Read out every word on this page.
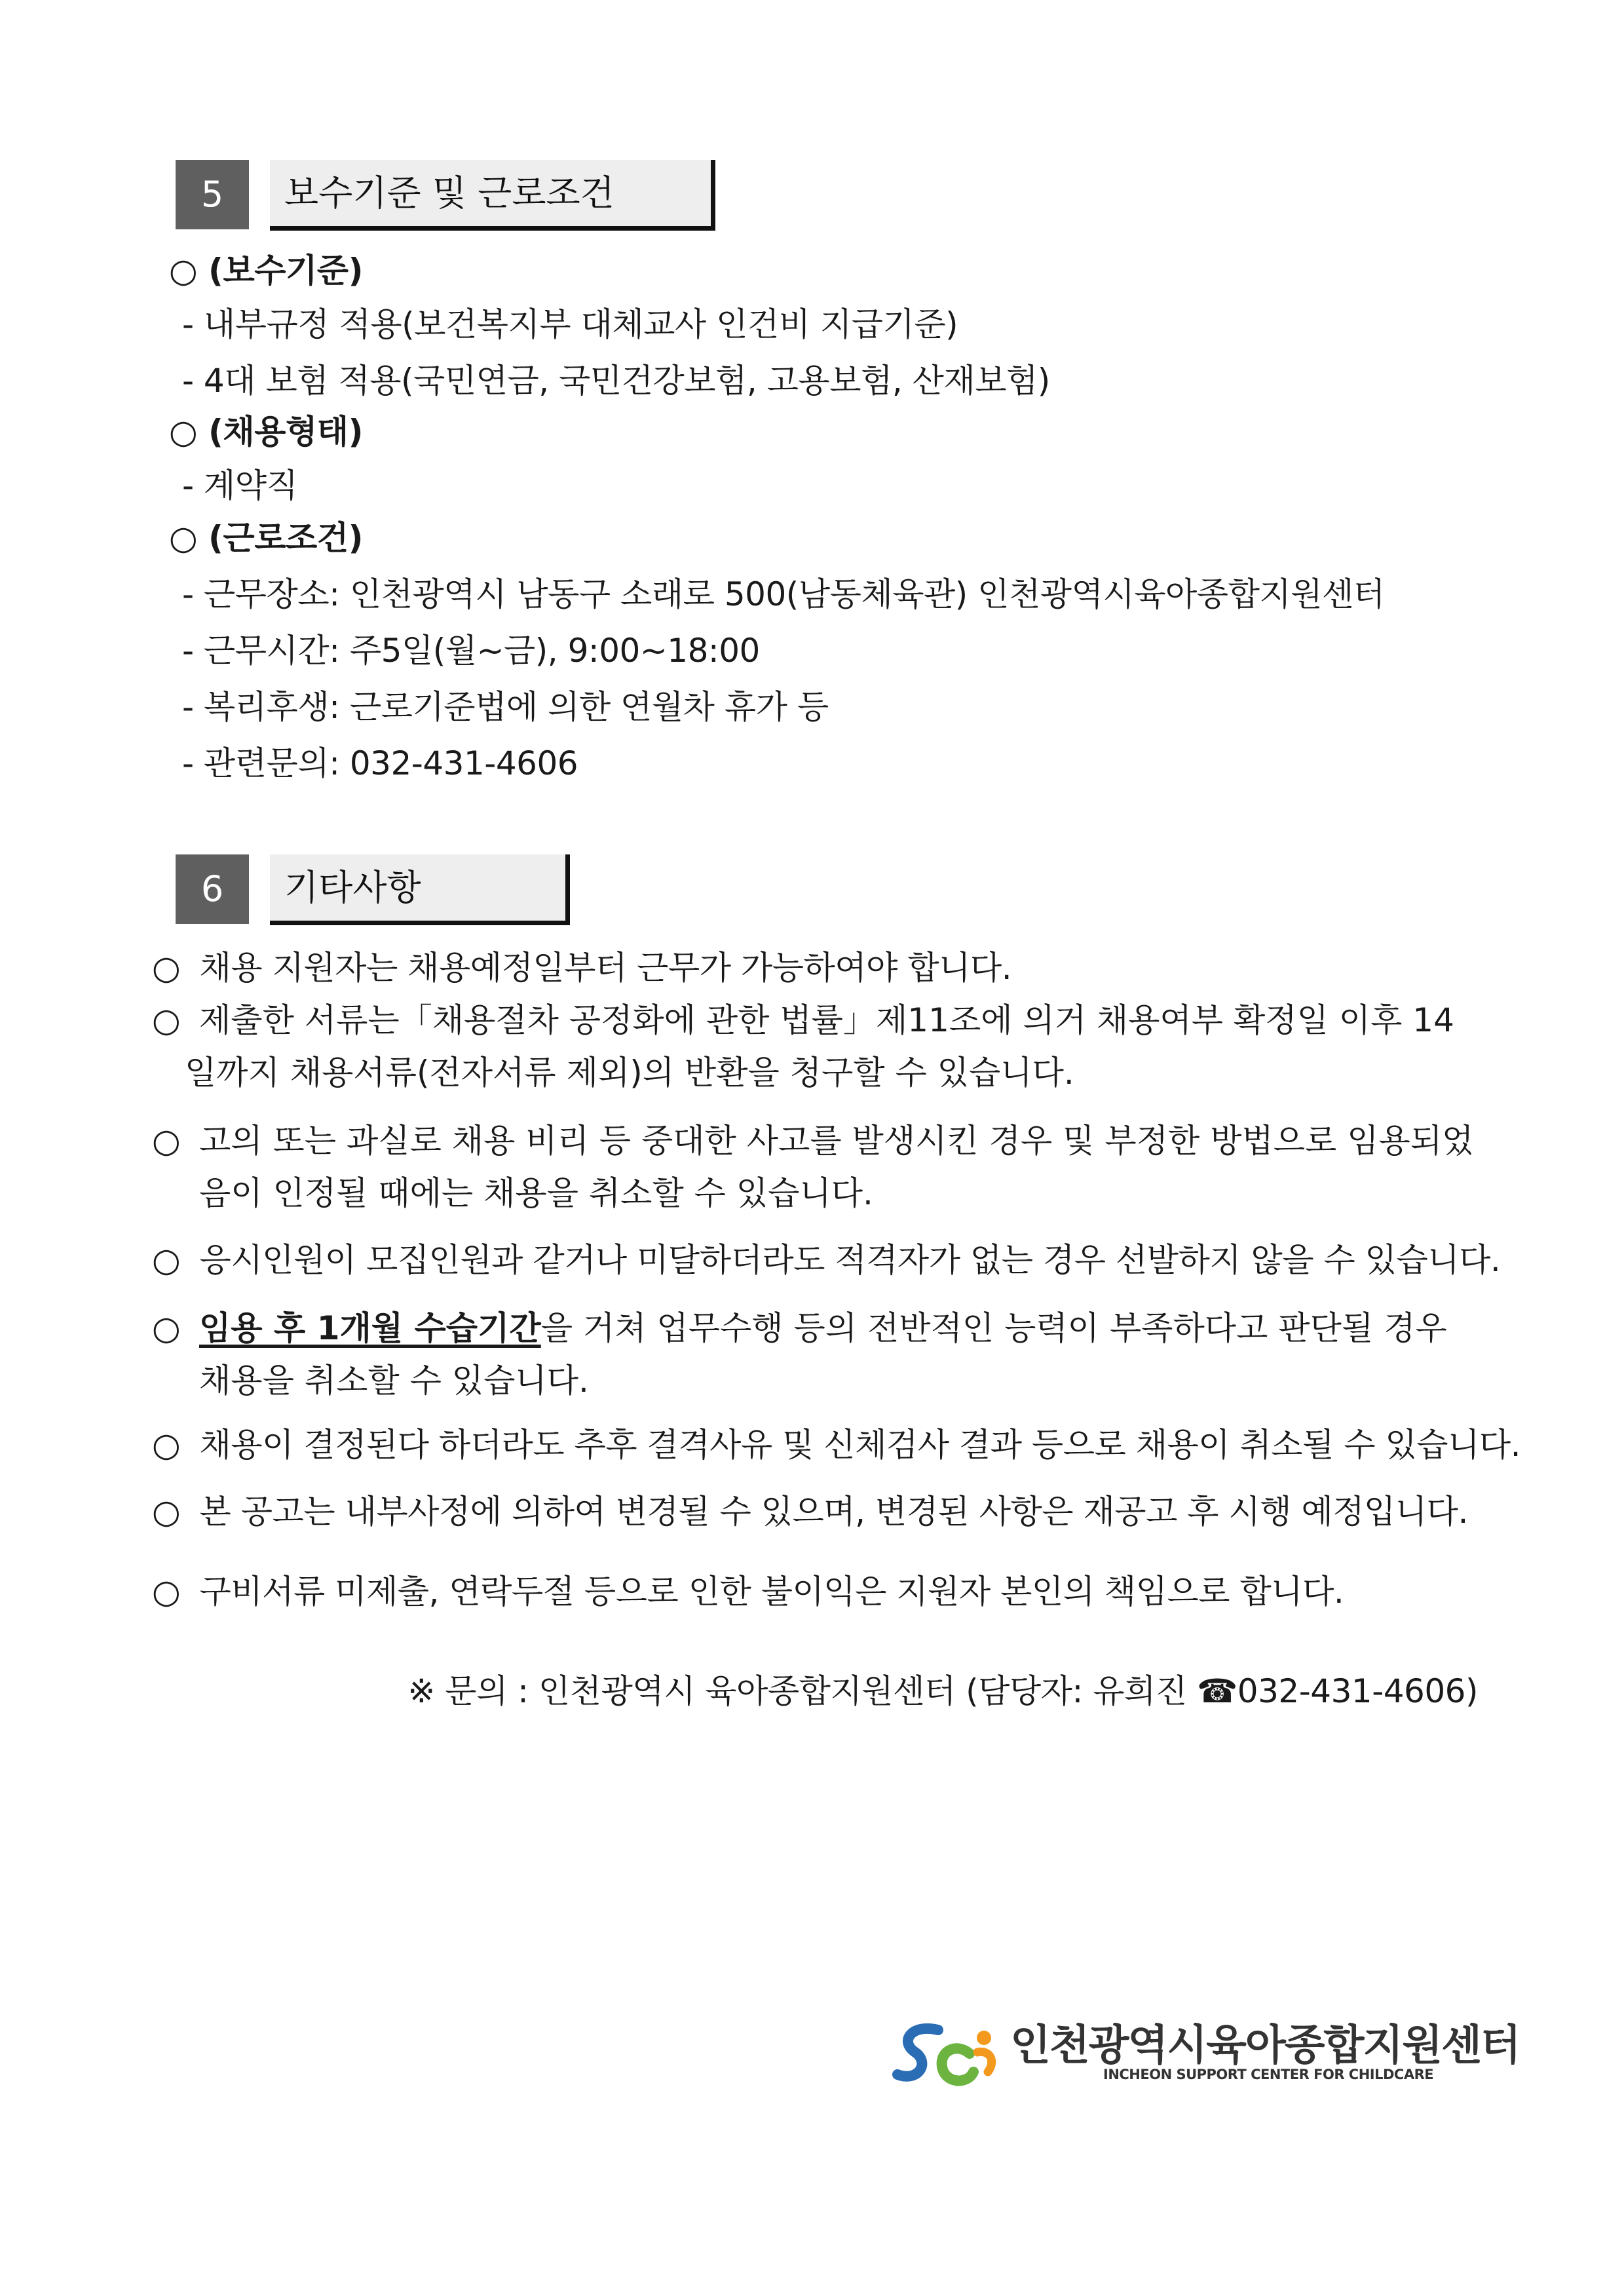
5	보수기준 및 근로조건
○ (보수기준)
- 내부규정 적용(보건복지부 대체교사 인건비 지급기준)
- 4대 보험 적용(국민연금, 국민건강보험, 고용보험, 산재보험)
○ (채용형태)
- 계약직
○ (근로조건)
- 근무장소: 인천광역시 남동구 소래로 500(남동체육관) 인천광역시육아종합지원센터
- 근무시간: 주5일(월~금), 9:00~18:00
- 복리후생: 근로기준법에 의한 연월차 휴가 등
- 관련문의: 032-431-4606
6	기타사항
○ 채용 지원자는 채용예정일부터 근무가 가능하여야 합니다.
○ 제출한 서류는「채용절차 공정화에 관한 법률」제11조에 의거 채용여부 확정일 이후 14일까지 채용서류(전자서류 제외)의 반환을 청구할 수 있습니다.
○ 고의 또는 과실로 채용 비리 등 중대한 사고를 발생시킨 경우 및 부정한 방법으로 임용되었음이 인정될 때에는 채용을 취소할 수 있습니다.
○ 응시인원이 모집인원과 같거나 미달하더라도 적격자가 없는 경우 선발하지 않을 수 있습니다.
○ 임용 후 1개월 수습기간을 거쳐 업무수행 등의 전반적인 능력이 부족하다고 판단될 경우 채용을 취소할 수 있습니다.
○ 채용이 결정된다 하더라도 추후 결격사유 및 신체검사 결과 등으로 채용이 취소될 수 있습니다.
○ 본 공고는 내부사정에 의하여 변경될 수 있으며, 변경된 사항은 재공고 후 시행 예정입니다.
○ 구비서류 미제출, 연락두절 등으로 인한 불이익은 지원자 본인의 책임으로 합니다.
※ 문의 : 인천광역시 육아종합지원센터 (담당자: 유희진 ☎032-431-4606)
인천광역시육아종합지원센터
INCHEON SUPPORT CENTER FOR CHILDCARE
